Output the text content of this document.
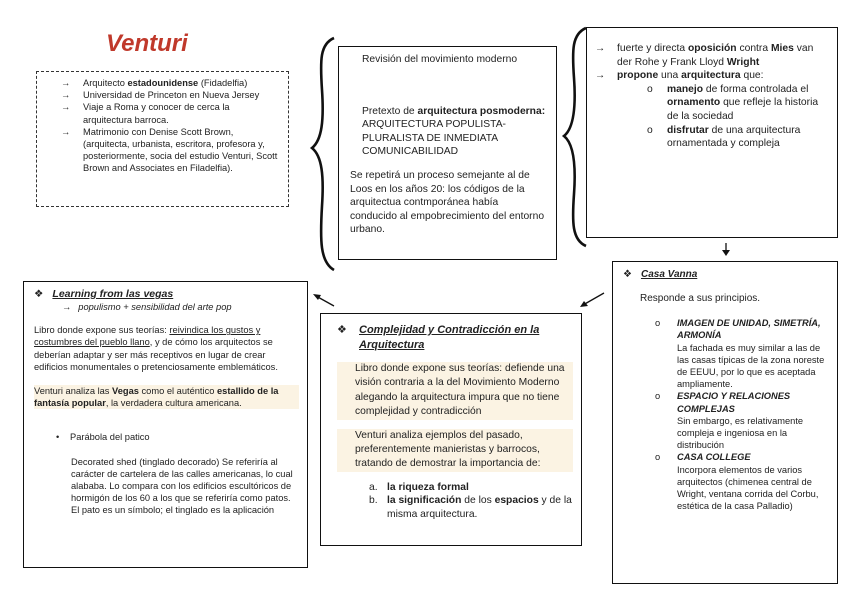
Venturi
→ Arquitecto estadounidense (Fidadelfia)
→ Universidad de Princeton en Nueva Jersey
→ Viaje a Roma y conocer de cerca la arquitectura barroca.
→ Matrimonio con Denise Scott Brown, (arquitecta, urbanista, escritora, profesora y, posteriormente, socia del estudio Venturi, Scott Brown and Associates en Filadelfia).
Revisión del movimiento moderno
Pretexto de arquitectura posmoderna: ARQUITECTURA POPULISTA-PLURALISTA DE INMEDIATA COMUNICABILIDAD
Se repetirá un proceso semejante al de Loos en los años 20: los códigos de la arquitectua contmporánea había conducido al empobrecimiento del entorno urbano.
→ fuerte y directa oposición contra Mies van der Rohe y Frank Lloyd Wright
→ propone una arquitectura que:
o manejo de forma controlada el ornamento que refleje la historia de la sociedad
o disfrutar de una arquitectura ornamentada y compleja
❖ Learning from las vegas
→ populismo + sensibilidad del arte pop
Libro donde expone sus teorías: reivindica los gustos y costumbres del pueblo llano, y de cómo los arquitectos se deberían adaptar y ser más receptivos en lugar de crear edificios monumentales o pretenciosamente emblemáticos.
Venturi analiza las Vegas como el auténtico estallido de la fantasía popular, la verdadera cultura americana.
• Parábola del patico
Decorated shed (tinglado decorado) Se referiría al carácter de cartelera de las calles americanas, lo cual alababa. Lo compara con los edificios escultóricos de hormigón de los 60 a los que se referiría como patos.
El pato es un símbolo; el tinglado es la aplicación
❖ Complejidad y Contradicción en la Arquitectura
Libro donde expone sus teorías: defiende una visión contraria a la del Movimiento Moderno alegando la arquitectura impura que no tiene complejidad y contradicción
Venturi analiza ejemplos del pasado, preferentemente manieristas y barrocos, tratando de demostrar la importancia de:
a. la riqueza formal
b. la significación de los espacios y de la misma arquitectura.
❖ Casa Vanna
Responde a sus principios.
o IMAGEN DE UNIDAD, SIMETRÍA, ARMONÍA
La fachada es muy similar a las de las casas típicas de la zona noreste de EEUU, por lo que es aceptada ampliamente.
o ESPACIO Y RELACIONES COMPLEJAS
Sin embargo, es relativamente compleja e ingeniosa en la distribución
o CASA COLLEGE
Incorpora elementos de varios arquitectos (chimenea central de Wright, ventana corrida del Corbu, estética de la casa Palladio)
